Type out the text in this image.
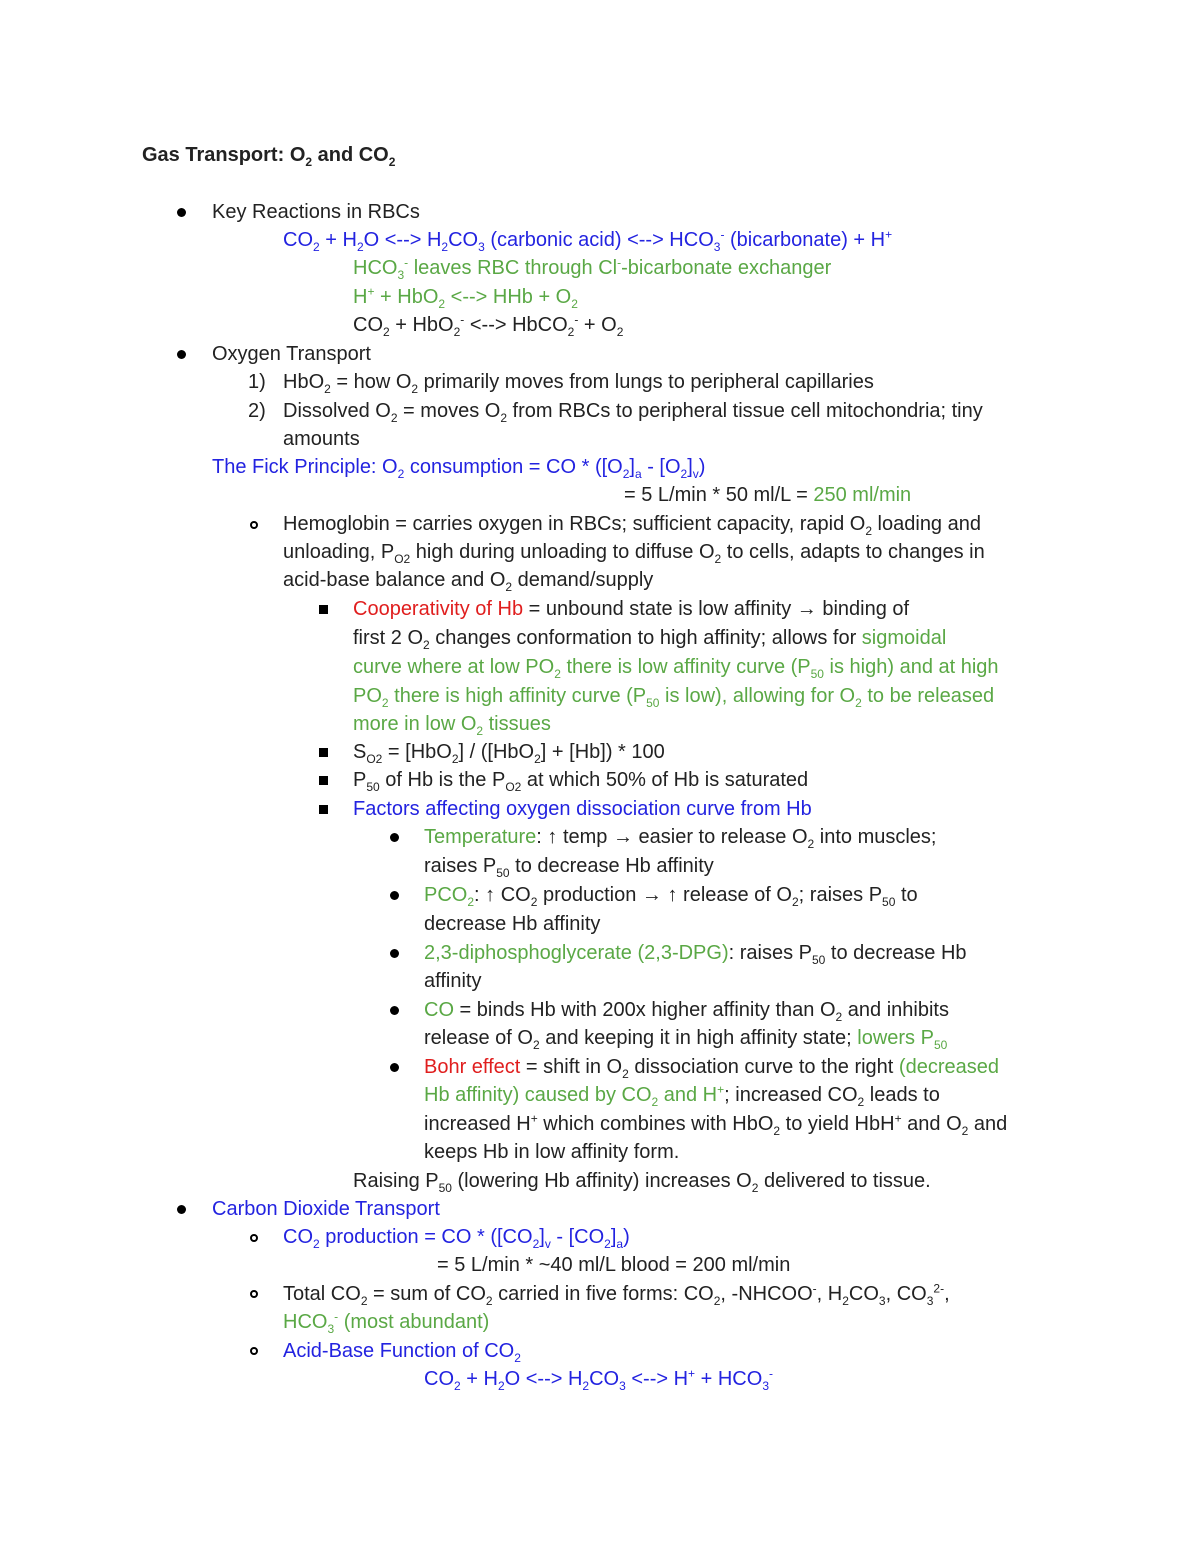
Gas Transport: $O_2$ and $CO_2$
Key Reactions in RBCs
$CO_2 + H_2O$ <--> $H_2CO_3$ (carbonic acid) <--> $HCO_3^-$ (bicarbonate) + H+
$HCO_3^-$ leaves RBC through Cl--bicarbonate exchanger
H+ + HbO$_2$ <--> HHb + $O_2$
$CO_2 + HbO_2^-$ <--> HbCO$_2$- + $O_2$
Oxygen Transport
1) HbO$_2$ = how $O_2$ primarily moves from lungs to peripheral capillaries
2) Dissolved $O_2$ = moves $O_2$ from RBCs to peripheral tissue cell mitochondria; tiny
amounts
The Fick Principle: $O_2$ consumption = CO * $([O_2]_a - [O_2]_v)$
= 5 L/min * 50 ml/L = 250 ml/min
Hemoglobin = carries oxygen in RBCs; sufficient capacity, rapid $O_2$ loading and
unloading, $P_{O2}$ high during unloading to diffuse $O_2$ to cells, adapts to changes in
acid-base balance and $O_2$ demand/supply
Cooperativity of Hb = unbound state is low affinity → binding of
first 2 $O_2$ changes conformation to high affinity; allows for sigmoidal
curve where at low $PO_2$ there is low affinity curve ($P_{50}$ is high) and at high
$PO_2$ there is high affinity curve ($P_{50}$ is low), allowing for $O_2$ to be released
more in low $O_2$ tissues
$S_{O2} = [HbO_2] / ([HbO_2] + [Hb]) * 100$
$P_{50}$ of Hb is the $P_{O2}$ at which 50% of Hb is saturated
Factors affecting oxygen dissociation curve from Hb
Temperature: ↑ temp → easier to release $O_2$ into muscles;
raises $P_{50}$ to decrease Hb affinity
$PCO_2$: ↑ $CO_2$ production → ↑ release of $O_2$; raises $P_{50}$ to
decrease Hb affinity
2,3-diphosphoglycerate (2,3-DPG): raises $P_{50}$ to decrease Hb
affinity
CO = binds Hb with 200x higher affinity than $O_2$ and inhibits
release of $O_2$ and keeping it in high affinity state; lowers $P_{50}$
Bohr effect = shift in $O_2$ dissociation curve to the right (decreased
Hb affinity) caused by $CO_2$ and H+; increased $CO_2$ leads to
increased H+ which combines with HbO$_2$ to yield HbH+ and $O_2$ and
keeps Hb in low affinity form.
Raising $P_{50}$ (lowering Hb affinity) increases $O_2$ delivered to tissue.
Carbon Dioxide Transport
$CO_2$ production = CO * $([CO_2]_v - [CO_2]_a)$
= 5 L/min * ~40 ml/L blood = 200 ml/min
Total $CO_2$ = sum of $CO_2$ carried in five forms: $CO_2$, -NHCOO-, $H_2CO_3$, $CO_3^{2-}$,
$HCO_3^-$ (most abundant)
Acid-Base Function of $CO_2$
$CO_2 + H_2O$ <--> $H_2CO_3$ <--> $H^+ + HCO_3^-$
